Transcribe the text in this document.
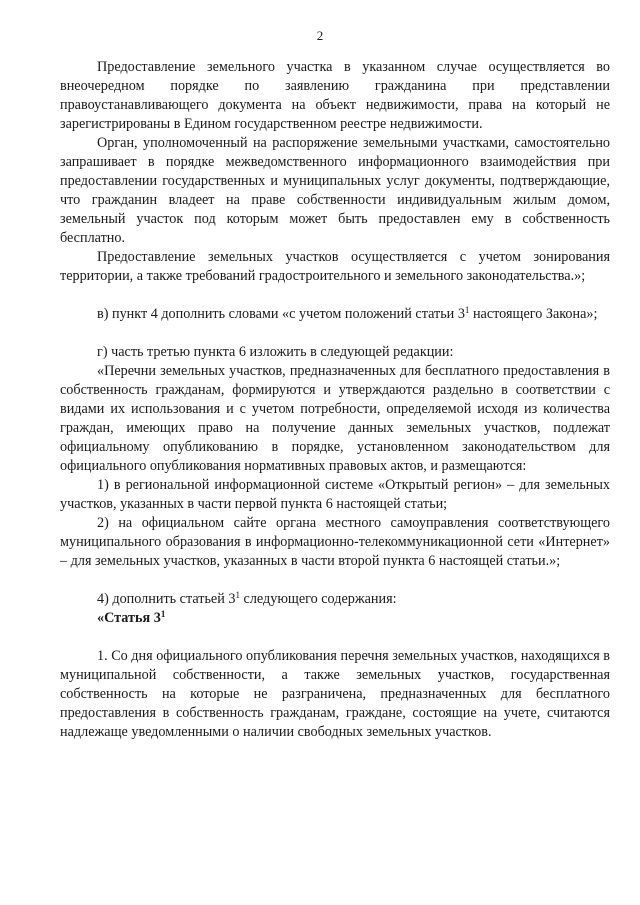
2

Предоставление земельного участка в указанном случае осуществляется во внеочередном порядке по заявлению гражданина при представлении правоустанавливающего документа на объект недвижимости, права на который не зарегистрированы в Едином государственном реестре недвижимости.

Орган, уполномоченный на распоряжение земельными участками, самостоятельно запрашивает в порядке межведомственного информационного взаимодействия при предоставлении государственных и муниципальных услуг документы, подтверждающие, что гражданин владеет на праве собственности индивидуальным жилым домом, земельный участок под которым может быть предоставлен ему в собственность бесплатно.

Предоставление земельных участков осуществляется с учетом зонирования территории, а также требований градостроительного и земельного законодательства.»;

в) пункт 4 дополнить словами «с учетом положений статьи $3^1$ настоящего Закона»;

г) часть третью пункта 6 изложить в следующей редакции:

«Перечни земельных участков, предназначенных для бесплатного предоставления в собственность гражданам, формируются и утверждаются раздельно в соответствии с видами их использования и с учетом потребности, определяемой исходя из количества граждан, имеющих право на получение данных земельных участков, подлежат официальному опубликованию в порядке, установленном законодательством для официального опубликования нормативных правовых актов, и размещаются:

1) в региональной информационной системе «Открытый регион» – для земельных участков, указанных в части первой пункта 6 настоящей статьи;

2) на официальном сайте органа местного самоуправления соответствующего муниципального образования в информационно-телекоммуникационной сети «Интернет» – для земельных участков, указанных в части второй пункта 6 настоящей статьи.»;

4) дополнить статьей $3^1$ следующего содержания:

«Статья $3^1$

1. Со дня официального опубликования перечня земельных участков, находящихся в муниципальной собственности, а также земельных участков, государственная собственность на которые не разграничена, предназначенных для бесплатного предоставления в собственность гражданам, граждане, состоящие на учете, считаются надлежаще уведомленными о наличии свободных земельных участков.
